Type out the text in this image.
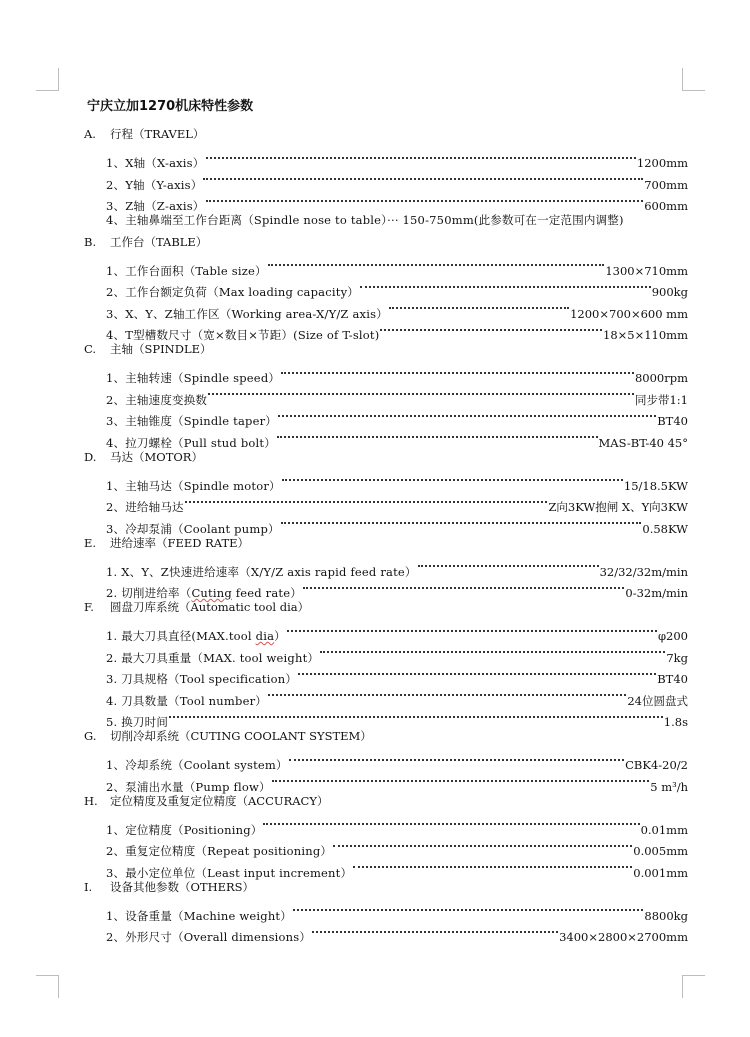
宁庆立加1270机床特性参数
A.	行程（TRAVEL）
1、X轴（X-axis）	1200mm
2、Y轴（Y-axis）	700mm
3、Z轴（Z-axis）	600mm
4、主轴鼻端至工作台距离（Spindle nose to table）··· 150-750mm(此参数可在一定范围内调整)
B.	工作台（TABLE）
1、工作台面积（Table size）	1300×710mm
2、工作台额定负荷（Max loading capacity）	900kg
3、X、Y、Z轴工作区（Working area-X/Y/Z axis）	1200×700×600 mm
4、T型槽数尺寸（宽×数目×节距）(Size of T-slot)	18×5×110mm
C.	主轴（SPINDLE）
1、主轴转速（Spindle speed）	8000rpm
2、主轴速度变换数	同步带1:1
3、主轴锥度（Spindle taper）	BT40
4、拉刀螺栓（Pull stud bolt）	MAS-BT-40 45°
D.	马达（MOTOR）
1、主轴马达（Spindle motor）	15/18.5KW
2、进给轴马达	Z向3KW抱闸 X、Y向3KW
3、冷却泵浦（Coolant pump）	0.58KW
E.	进给速率（FEED RATE）
1. X、Y、Z快速进给速率（X/Y/Z axis rapid feed rate）	32/32/32m/min
2. 切削进给率（Cuting feed rate）	0-32m/min
F.	圆盘刀库系统（Automatic tool dia）
1. 最大刀具直径(MAX.tool dia）	φ200
2. 最大刀具重量（MAX. tool weight）	7kg
3. 刀具规格（Tool specification）	BT40
4. 刀具数量（Tool number）	24位圆盘式
5. 换刀时间	1.8s
G.	切削冷却系统（CUTING COOLANT SYSTEM）
1、冷却系统（Coolant system）	CBK4-20/2
2、泵浦出水量（Pump flow）	5 m³/h
H.	定位精度及重复定位精度（ACCURACY）
1、定位精度（Positioning）	0.01mm
2、重复定位精度（Repeat positioning）	0.005mm
3、最小定位单位（Least input increment）	0.001mm
I.	设备其他参数（OTHERS）
1、设备重量（Machine weight）	8800kg
2、外形尺寸（Overall dimensions）	3400×2800×2700mm
